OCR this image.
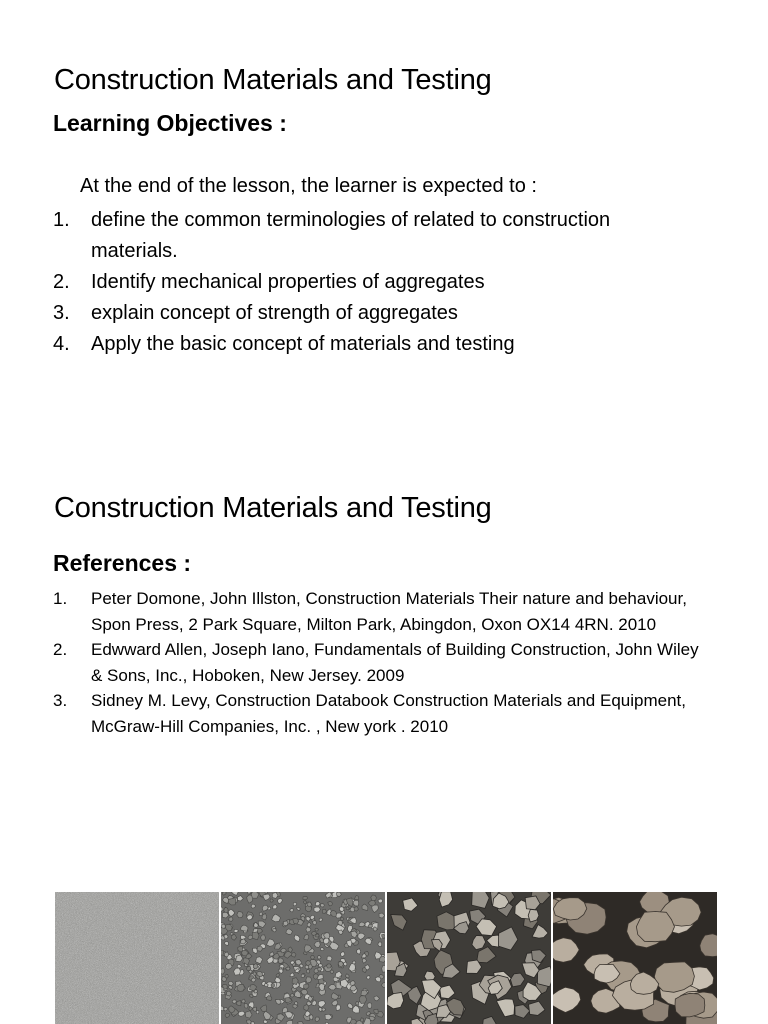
Construction Materials and Testing
Learning Objectives :

At the end of the lesson, the learner is expected to :

1.	define the common terminologies of related to construction materials.
2.	Identify mechanical properties of aggregates
3.	explain concept of strength of aggregates
4.	Apply the basic concept of materials and testing
Construction Materials and Testing
References :
1.	Peter Domone, John Illston, Construction Materials Their nature and behaviour, Spon Press, 2 Park Square, Milton Park, Abingdon, Oxon OX14 4RN. 2010
2.	Edwward Allen, Joseph Iano, Fundamentals of Building Construction, John Wiley & Sons, Inc., Hoboken, New Jersey. 2009
3.	Sidney M. Levy, Construction Databook Construction Materials and Equipment, McGraw-Hill Companies, Inc. , New york . 2010
